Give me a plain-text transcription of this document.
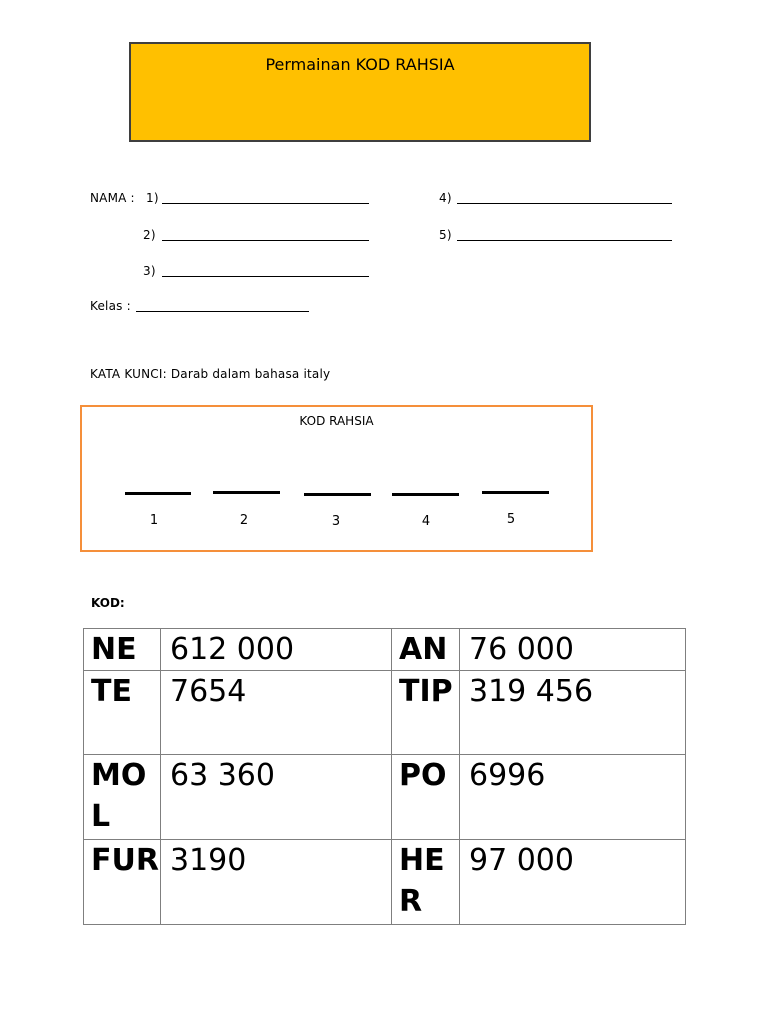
Permainan KOD RAHSIA
NAMA : 1)
2)
3)
4)
5)
Kelas :
KATA KUNCI: Darab dalam bahasa italy
KOD RAHSIA
1	2	3	4	5
KOD:
NE	612 000	AN	76 000
TE	7654	TIP	319 456
MOL	63 360	PO	6996
FUR	3190	HER	97 000
